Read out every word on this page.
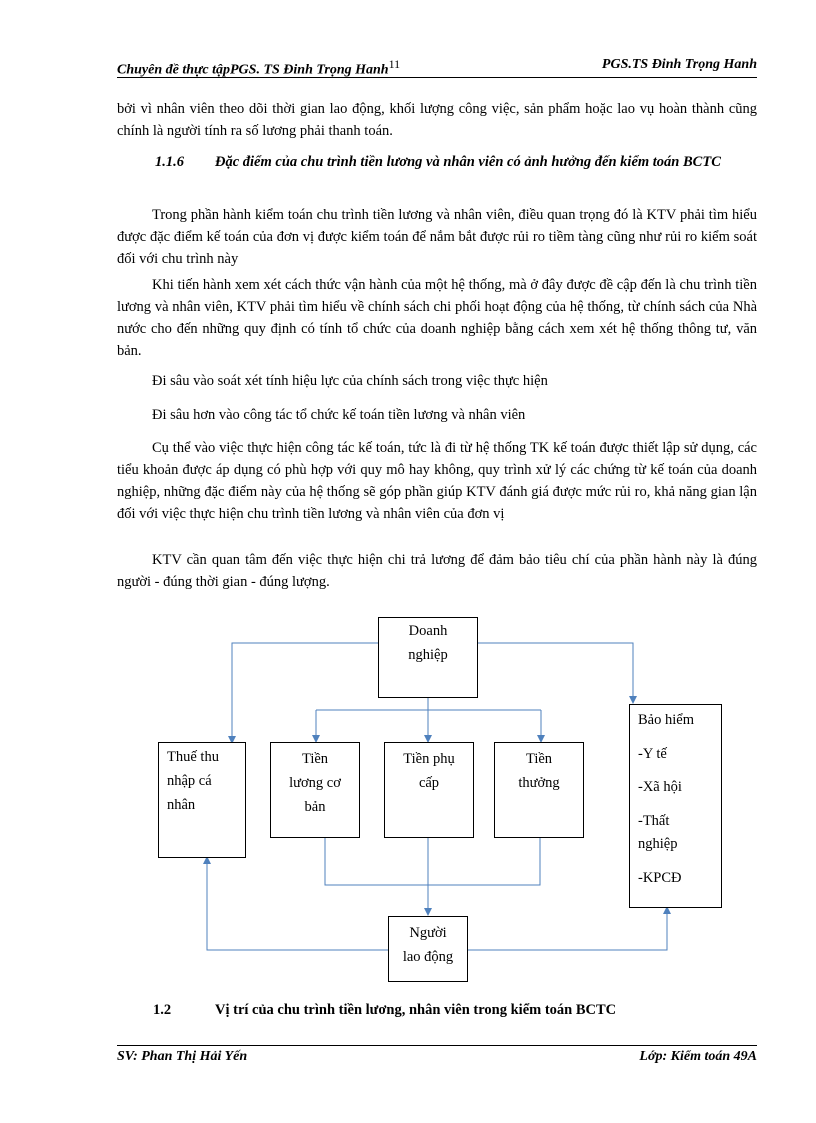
Chuyên đề thực tậpPGS. TS Đinh Trọng Hanh$^{11}$	PGS.TS Đinh Trọng Hanh
bởi vì nhân viên theo dõi thời gian lao động, khối lượng công việc, sản phẩm hoặc lao vụ hoàn thành cũng chính là người tính ra số lương phải thanh toán.
1.1.6 Đặc điểm của chu trình tiền lương và nhân viên có ảnh hưởng đến kiểm toán BCTC
Trong phần hành kiểm toán chu trình tiền lương và nhân viên, điều quan trọng đó là KTV phải tìm hiểu được đặc điểm kế toán của đơn vị được kiểm toán để nắm bắt được rủi ro tiềm tàng cũng như rủi ro kiểm soát đối với chu trình này
Khi tiến hành xem xét cách thức vận hành của một hệ thống, mà ở đây được đề cập đến là chu trình tiền lương và nhân viên, KTV phải tìm hiểu về chính sách chi phối hoạt động của hệ thống, từ chính sách của Nhà nước cho đến những quy định có tính tổ chức của doanh nghiệp bằng cách xem xét hệ thống thông tư, văn bản.
Đi sâu vào soát xét tính hiệu lực của chính sách trong việc thực hiện
Đi sâu hơn vào công tác tổ chức kế toán tiền lương và nhân viên
Cụ thể vào việc thực hiện công tác kế toán, tức là đi từ hệ thống TK kế toán được thiết lập sử dụng, các tiểu khoản được áp dụng có phù hợp với quy mô hay không, quy trình xử lý các chứng từ kế toán của doanh nghiệp, những đặc điểm này của hệ thống sẽ góp phần giúp KTV đánh giá được mức rủi ro, khả năng gian lận đối với việc thực hiện chu trình tiền lương và nhân viên của đơn vị
KTV cần quan tâm đến việc thực hiện chi trả lương để đảm bảo tiêu chí của phần hành này là đúng người - đúng thời gian - đúng lượng.
Doanh
nghiệp
Thuế thu
nhập cá
nhân
Tiền
lương cơ
bản
Tiền phụ
cấp
Tiền
thưởng
Bảo hiểm
-Y tế
-Xã hội
-Thất
nghiệp
-KPCĐ
Người
lao động
1.2	Vị trí của chu trình tiền lương, nhân viên trong kiểm toán BCTC
SV: Phan Thị Hải Yến	Lớp: Kiểm toán 49A
